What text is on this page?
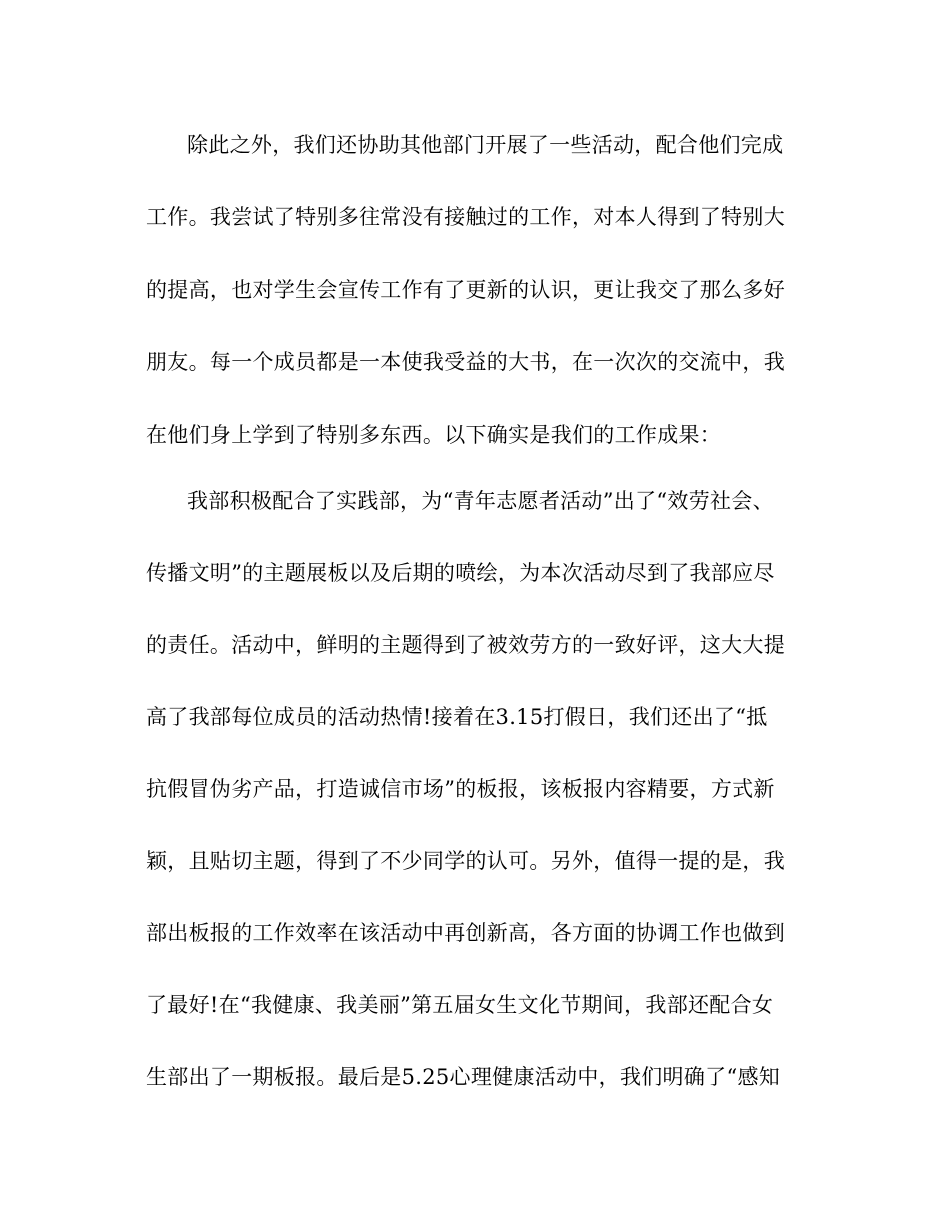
除此之外，我们还协助其他部门开展了一些活动，配合他们完成
工作。我尝试了特别多往常没有接触过的工作，对本人得到了特别大
的提高，也对学生会宣传工作有了更新的认识，更让我交了那么多好
朋友。每一个成员都是一本使我受益的大书，在一次次的交流中，我
在他们身上学到了特别多东西。以下确实是我们的工作成果：
我部积极配合了实践部，为“青年志愿者活动”出了“效劳社会、
传播文明”的主题展板以及后期的喷绘，为本次活动尽到了我部应尽
的责任。活动中，鲜明的主题得到了被效劳方的一致好评，这大大提
高了我部每位成员的活动热情!接着在3.15打假日，我们还出了“抵
抗假冒伪劣产品，打造诚信市场”的板报，该板报内容精要，方式新
颖，且贴切主题，得到了不少同学的认可。另外，值得一提的是，我
部出板报的工作效率在该活动中再创新高，各方面的协调工作也做到
了最好!在“我健康、我美丽”第五届女生文化节期间，我部还配合女
生部出了一期板报。最后是5.25心理健康活动中，我们明确了“感知
